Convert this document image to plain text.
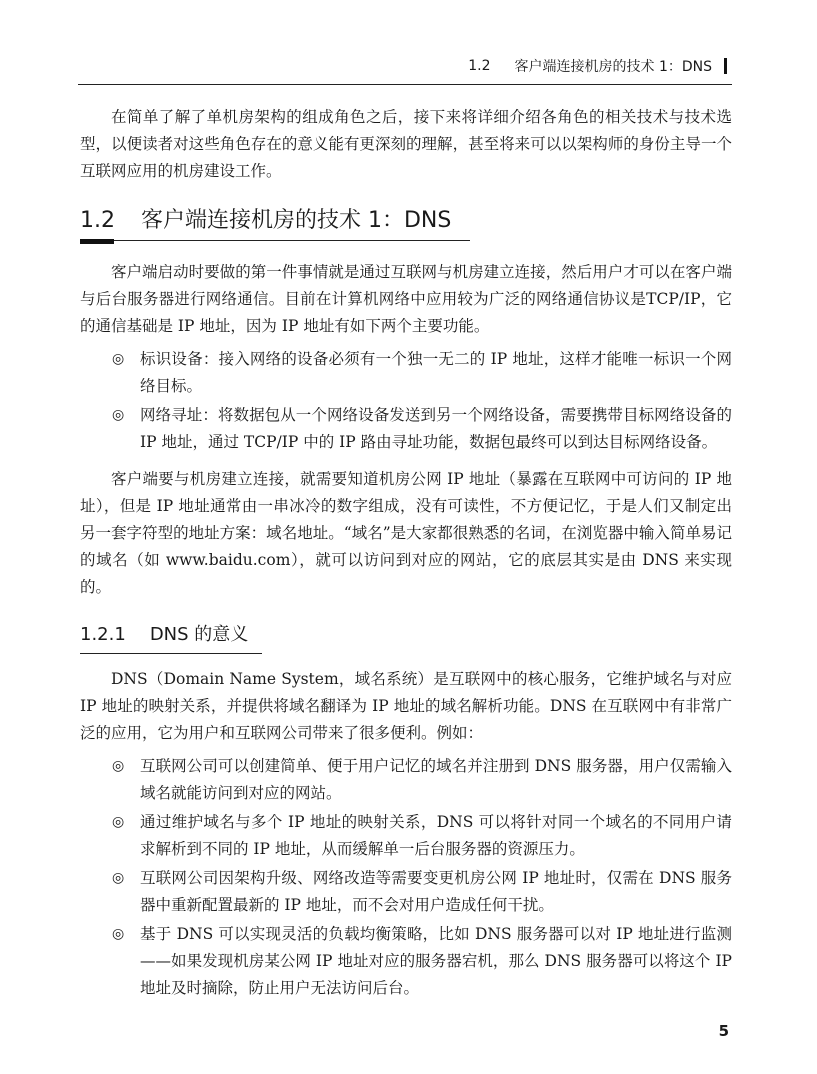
1.2 客户端连接机房的技术 1：DNS

在简单了解了单机房架构的组成角色之后，接下来将详细介绍各角色的相关技术与技术选型，以便读者对这些角色存在的意义能有更深刻的理解，甚至将来可以以架构师的身份主导一个互联网应用的机房建设工作。

1.2 客户端连接机房的技术 1：DNS

客户端启动时要做的第一件事情就是通过互联网与机房建立连接，然后用户才可以在客户端与后台服务器进行网络通信。目前在计算机网络中应用较为广泛的网络通信协议是TCP/IP，它的通信基础是 IP 地址，因为 IP 地址有如下两个主要功能。

◎ 标识设备：接入网络的设备必须有一个独一无二的 IP 地址，这样才能唯一标识一个网络目标。
◎ 网络寻址：将数据包从一个网络设备发送到另一个网络设备，需要携带目标网络设备的 IP 地址，通过 TCP/IP 中的 IP 路由寻址功能，数据包最终可以到达目标网络设备。

客户端要与机房建立连接，就需要知道机房公网 IP 地址（暴露在互联网中可访问的 IP 地址），但是 IP 地址通常由一串冰冷的数字组成，没有可读性，不方便记忆，于是人们又制定出另一套字符型的地址方案：域名地址。“域名”是大家都很熟悉的名词，在浏览器中输入简单易记的域名（如 www.baidu.com），就可以访问到对应的网站，它的底层其实是由 DNS 来实现的。

1.2.1 DNS 的意义

DNS（Domain Name System，域名系统）是互联网中的核心服务，它维护域名与对应 IP 地址的映射关系，并提供将域名翻译为 IP 地址的域名解析功能。DNS 在互联网中有非常广泛的应用，它为用户和互联网公司带来了很多便利。例如：

◎ 互联网公司可以创建简单、便于用户记忆的域名并注册到 DNS 服务器，用户仅需输入域名就能访问到对应的网站。
◎ 通过维护域名与多个 IP 地址的映射关系，DNS 可以将针对同一个域名的不同用户请求解析到不同的 IP 地址，从而缓解单一后台服务器的资源压力。
◎ 互联网公司因架构升级、网络改造等需要变更机房公网 IP 地址时，仅需在 DNS 服务器中重新配置最新的 IP 地址，而不会对用户造成任何干扰。
◎ 基于 DNS 可以实现灵活的负载均衡策略，比如 DNS 服务器可以对 IP 地址进行监测——如果发现机房某公网 IP 地址对应的服务器宕机，那么 DNS 服务器可以将这个 IP 地址及时摘除，防止用户无法访问后台。
5
